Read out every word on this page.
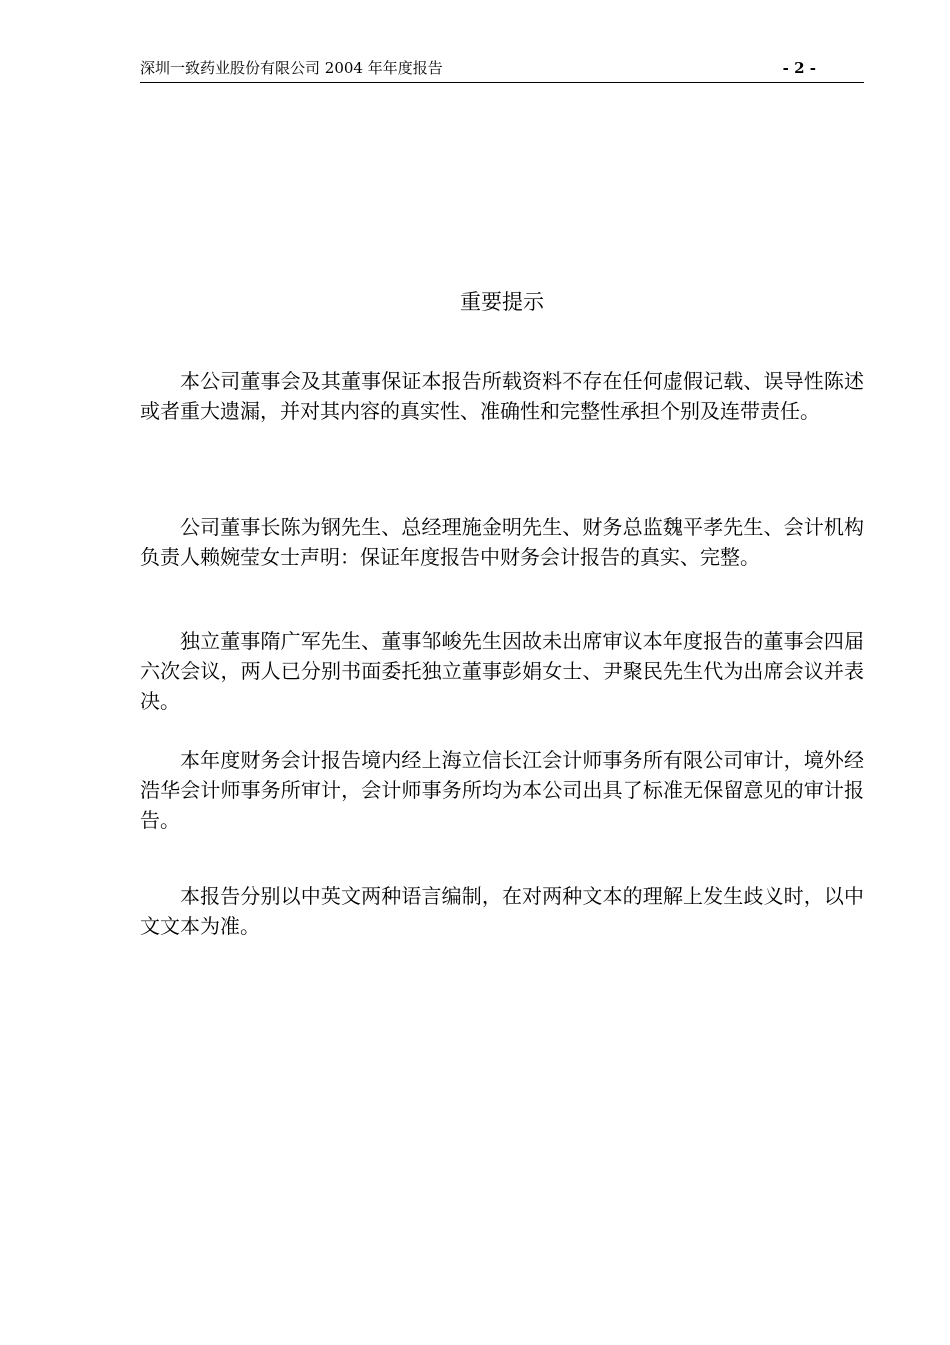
深圳一致药业股份有限公司 2004 年年度报告	- 2 -
重要提示

本公司董事会及其董事保证本报告所载资料不存在任何虚假记载、误导性陈述或者重大遗漏，并对其内容的真实性、准确性和完整性承担个别及连带责任。

公司董事长陈为钢先生、总经理施金明先生、财务总监魏平孝先生、会计机构负责人赖婉莹女士声明：保证年度报告中财务会计报告的真实、完整。

独立董事隋广军先生、董事邹峻先生因故未出席审议本年度报告的董事会四届六次会议，两人已分别书面委托独立董事彭娟女士、尹聚民先生代为出席会议并表决。

本年度财务会计报告境内经上海立信长江会计师事务所有限公司审计，境外经浩华会计师事务所审计，会计师事务所均为本公司出具了标准无保留意见的审计报告。

本报告分别以中英文两种语言编制，在对两种文本的理解上发生歧义时，以中文文本为准。
